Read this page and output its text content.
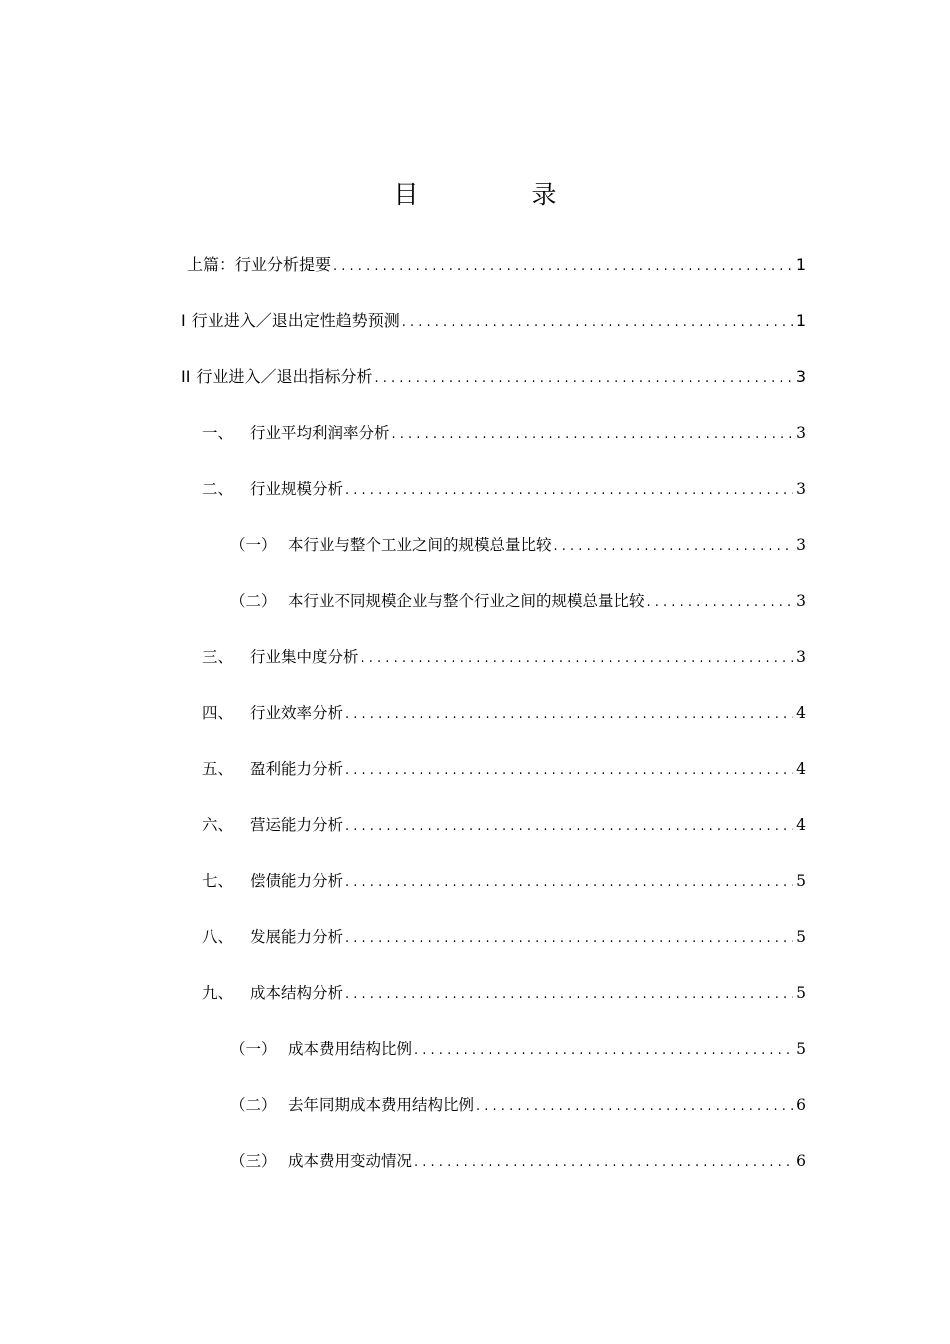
目　录
上篇：行业分析提要 . . .	1
I 行业进入／退出定性趋势预测 . . .	1
II 行业进入／退出指标分析 . . .	3
一、	行业平均利润率分析 . . .	3
二、	行业规模分析 . . .	3
（一） 本行业与整个工业之间的规模总量比较 . . .	3
（二） 本行业不同规模企业与整个行业之间的规模总量比较 . . .	3
三、	行业集中度分析 . . .	3
四、	行业效率分析 . . .	4
五、	盈利能力分析 . . .	4
六、	营运能力分析 . . .	4
七、	偿债能力分析 . . .	5
八、	发展能力分析 . . .	5
九、	成本结构分析 . . .	5
（一） 成本费用结构比例 . . .	5
（二） 去年同期成本费用结构比例 . . .	6
（三） 成本费用变动情况 . . .	6
